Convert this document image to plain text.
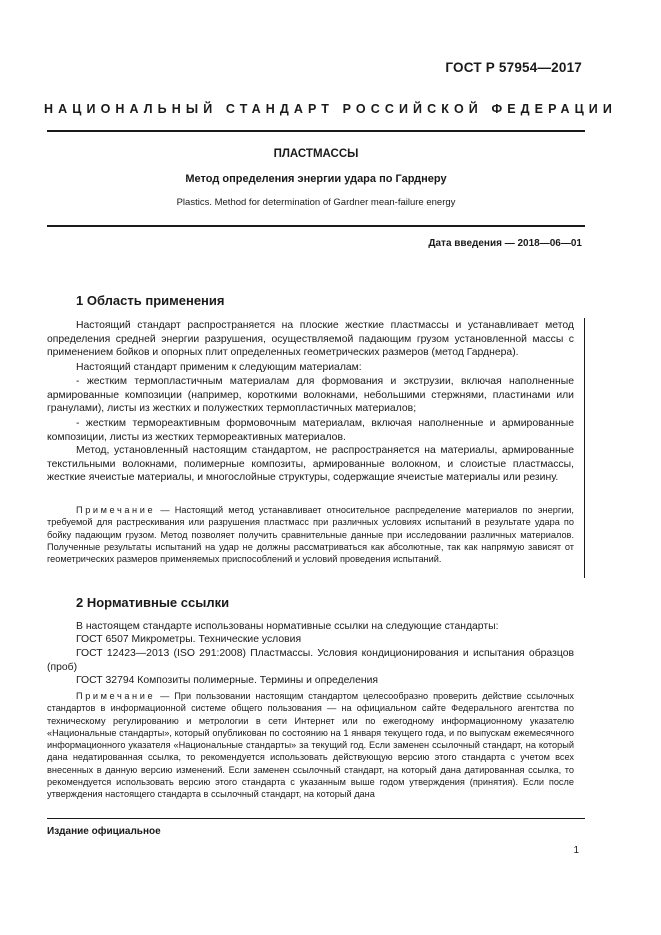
ГОСТ Р 57954—2017
НАЦИОНАЛЬНЫЙ СТАНДАРТ РОССИЙСКОЙ ФЕДЕРАЦИИ
ПЛАСТМАССЫ
Метод определения энергии удара по Гарднеру
Plastics. Method for determination of Gardner mean-failure energy
Дата введения — 2018—06—01
1 Область применения

Настоящий стандарт распространяется на плоские жесткие пластмассы и устанавливает метод определения средней энергии разрушения, осуществляемой падающим грузом установленной массы с применением бойков и опорных плит определенных геометрических размеров (метод Гарднера).

Настоящий стандарт применим к следующим материалам:

- жестким термопластичным материалам для формования и экструзии, включая наполненные армированные композиции (например, короткими волокнами, небольшими стержнями, пластинами или гранулами), листы из жестких и полужестких термопластичных материалов;

- жестким термореактивным формовочным материалам, включая наполненные и армированные композиции, листы из жестких термореактивных материалов.

Метод, установленный настоящим стандартом, не распространяется на материалы, армированные текстильными волокнами, полимерные композиты, армированные волокном, и слоистые пластмассы, жесткие ячеистые материалы, и многослойные структуры, содержащие ячеистые материалы или резину.

Примечание — Настоящий метод устанавливает относительное распределение материалов по энергии, требуемой для растрескивания или разрушения пластмасс при различных условиях испытаний в результате удара по бойку падающим грузом. Метод позволяет получить сравнительные данные при исследовании различных материалов. Полученные результаты испытаний на удар не должны рассматриваться как абсолютные, так как напрямую зависят от геометрических размеров применяемых приспособлений и условий проведения испытаний.

2 Нормативные ссылки

В настоящем стандарте использованы нормативные ссылки на следующие стандарты:

ГОСТ 6507 Микрометры. Технические условия

ГОСТ 12423—2013 (ISO 291:2008) Пластмассы. Условия кондиционирования и испытания образцов (проб)

ГОСТ 32794 Композиты полимерные. Термины и определения

Примечание — При пользовании настоящим стандартом целесообразно проверить действие ссылочных стандартов в информационной системе общего пользования — на официальном сайте Федерального агентства по техническому регулированию и метрологии в сети Интернет или по ежегодному информационному указателю «Национальные стандарты», который опубликован по состоянию на 1 января текущего года, и по выпускам ежемесячного информационного указателя «Национальные стандарты» за текущий год. Если заменен ссылочный стандарт, на который дана недатированная ссылка, то рекомендуется использовать действующую версию этого стандарта с учетом всех внесенных в данную версию изменений. Если заменен ссылочный стандарт, на который дана датированная ссылка, то рекомендуется использовать версию этого стандарта с указанным выше годом утверждения (принятия). Если после утверждения настоящего стандарта в ссылочный стандарт, на который дана

Издание официальное
1
